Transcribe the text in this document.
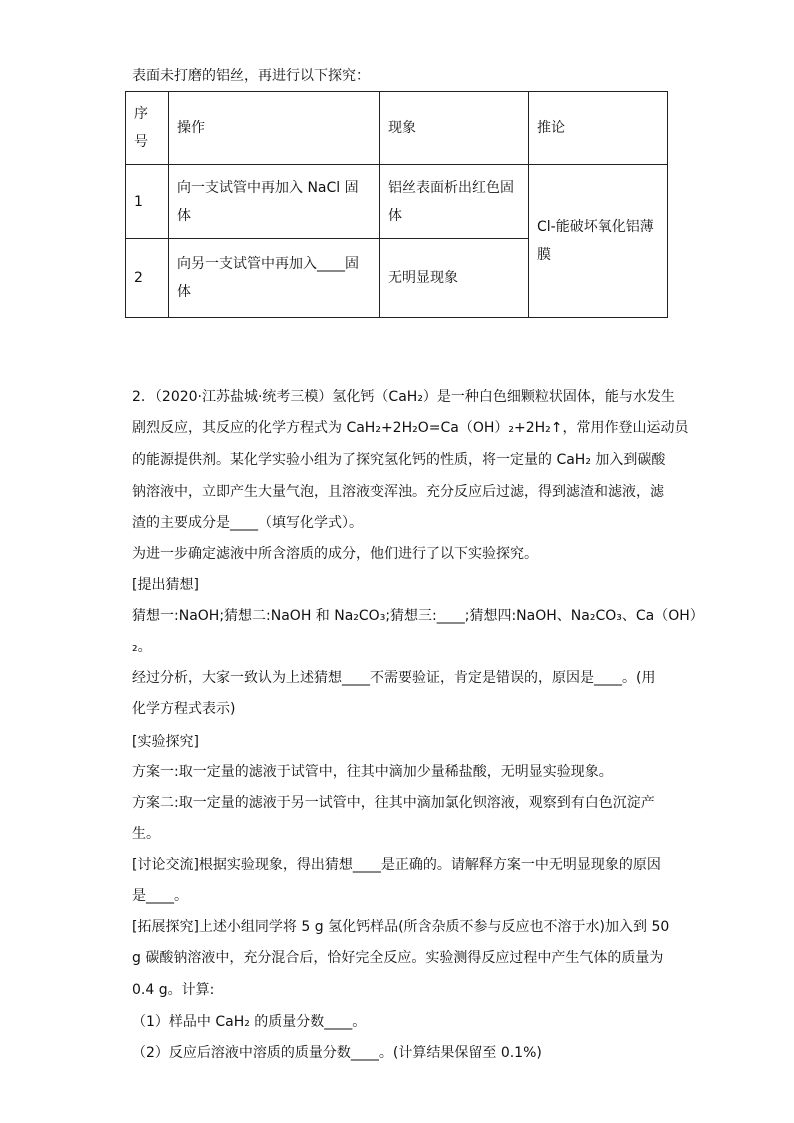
表面未打磨的铝丝，再进行以下探究：
序号	操作	现象	推论
1	向一支试管中再加入 NaCl 固体	铝丝表面析出红色固体	Cl-能破坏氧化铝薄膜
2	向另一支试管中再加入____固体	无明显现象	
2．（2020·江苏盐城·统考三模）氢化钙（CaH₂）是一种白色细颗粒状固体，能与水发生
剧烈反应，其反应的化学方程式为 CaH₂+2H₂O=Ca（OH）₂+2H₂↑，常用作登山运动员
的能源提供剂。某化学实验小组为了探究氢化钙的性质，将一定量的 CaH₂ 加入到碳酸
钠溶液中，立即产生大量气泡，且溶液变浑浊。充分反应后过滤，得到滤渣和滤液，滤
渣的主要成分是____（填写化学式）。
为进一步确定滤液中所含溶质的成分，他们进行了以下实验探究。
[提出猜想]
猜想一:NaOH;猜想二:NaOH 和 Na₂CO₃;猜想三:____;猜想四:NaOH、Na₂CO₃、Ca（OH）
₂。
经过分析，大家一致认为上述猜想____不需要验证，肯定是错误的，原因是____。(用
化学方程式表示)
[实验探究]
方案一:取一定量的滤液于试管中，往其中滴加少量稀盐酸，无明显实验现象。
方案二:取一定量的滤液于另一试管中，往其中滴加氯化钡溶液，观察到有白色沉淀产
生。
[讨论交流]根据实验现象，得出猜想____是正确的。请解释方案一中无明显现象的原因
是____。
[拓展探究]上述小组同学将 5 g 氢化钙样品(所含杂质不参与反应也不溶于水)加入到 50
g 碳酸钠溶液中，充分混合后，恰好完全反应。实验测得反应过程中产生气体的质量为
0.4 g。计算:
（1）样品中 CaH₂ 的质量分数____。
（2）反应后溶液中溶质的质量分数____。(计算结果保留至 0.1%)
